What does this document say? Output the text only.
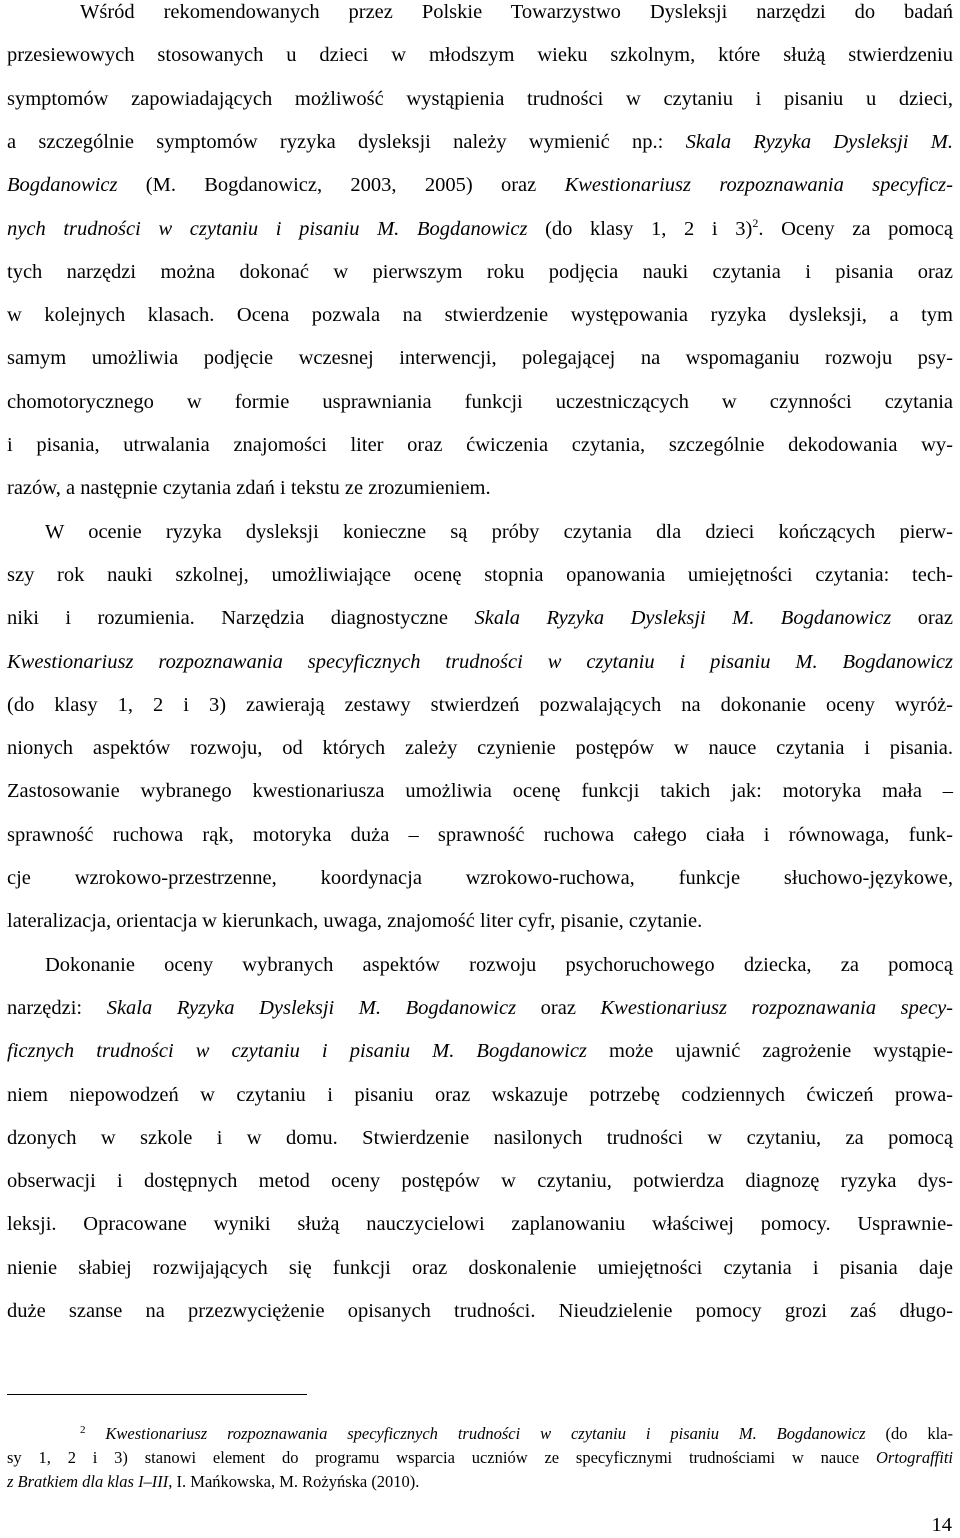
Wśród rekomendowanych przez Polskie Towarzystwo Dysleksji narzędzi do badań
przesiewowych stosowanych u dzieci w młodszym wieku szkolnym, które służą stwierdzeniu
symptomów zapowiadających możliwość wystąpienia trudności w czytaniu i pisaniu u dzieci,
a szczególnie symptomów ryzyka dysleksji należy wymienić np.: Skala Ryzyka Dysleksji M.
Bogdanowicz (M. Bogdanowicz, 2003, 2005) oraz Kwestionariusz rozpoznawania specyficz-
nych trudności w czytaniu i pisaniu M. Bogdanowicz (do klasy 1, 2 i 3)$^2$. Oceny za pomocą
tych narzędzi można dokonać w pierwszym roku podjęcia nauki czytania i pisania oraz
w kolejnych klasach. Ocena pozwala na stwierdzenie występowania ryzyka dysleksji, a tym
samym umożliwia podjęcie wczesnej interwencji, polegającej na wspomaganiu rozwoju psy-
chomotorycznego w formie usprawniania funkcji uczestniczących w czynności czytania
i pisania, utrwalania znajomości liter oraz ćwiczenia czytania, szczególnie dekodowania wy-
razów, a następnie czytania zdań i tekstu ze zrozumieniem.
W ocenie ryzyka dysleksji konieczne są próby czytania dla dzieci kończących pierw-
szy rok nauki szkolnej, umożliwiające ocenę stopnia opanowania umiejętności czytania: tech-
niki i rozumienia. Narzędzia diagnostyczne Skala Ryzyka Dysleksji M. Bogdanowicz oraz
Kwestionariusz rozpoznawania specyficznych trudności w czytaniu i pisaniu M. Bogdanowicz
(do klasy 1, 2 i 3) zawierają zestawy stwierdzeń pozwalających na dokonanie oceny wyróż-
nionych aspektów rozwoju, od których zależy czynienie postępów w nauce czytania i pisania.
Zastosowanie wybranego kwestionariusza umożliwia ocenę funkcji takich jak: motoryka mała –
sprawność ruchowa rąk, motoryka duża – sprawność ruchowa całego ciała i równowaga, funk-
cje wzrokowo-przestrzenne, koordynacja wzrokowo-ruchowa, funkcje słuchowo-językowe,
lateralizacja, orientacja w kierunkach, uwaga, znajomość liter cyfr, pisanie, czytanie.
Dokonanie oceny wybranych aspektów rozwoju psychoruchowego dziecka, za pomocą
narzędzi: Skala Ryzyka Dysleksji M. Bogdanowicz oraz Kwestionariusz rozpoznawania specy-
ficznych trudności w czytaniu i pisaniu M. Bogdanowicz może ujawnić zagrożenie wystąpie-
niem niepowodzeń w czytaniu i pisaniu oraz wskazuje potrzebę codziennych ćwiczeń prowa-
dzonych w szkole i w domu. Stwierdzenie nasilonych trudności w czytaniu, za pomocą
obserwacji i dostępnych metod oceny postępów w czytaniu, potwierdza diagnozę ryzyka dys-
leksji. Opracowane wyniki służą nauczycielowi zaplanowaniu właściwej pomocy. Usprawnie-
nienie słabiej rozwijających się funkcji oraz doskonalenie umiejętności czytania i pisania daje
duże szanse na przezwyciężenie opisanych trudności. Nieudzielenie pomocy grozi zaś długo-
$^2$ Kwestionariusz rozpoznawania specyficznych trudności w czytaniu i pisaniu M. Bogdanowicz (do kla-
sy 1, 2 i 3) stanowi element do programu wsparcia uczniów ze specyficznymi trudnościami w nauce Ortograffiti
z Bratkiem dla klas I–III, I. Mańkowska, M. Rożyńska (2010).
14
